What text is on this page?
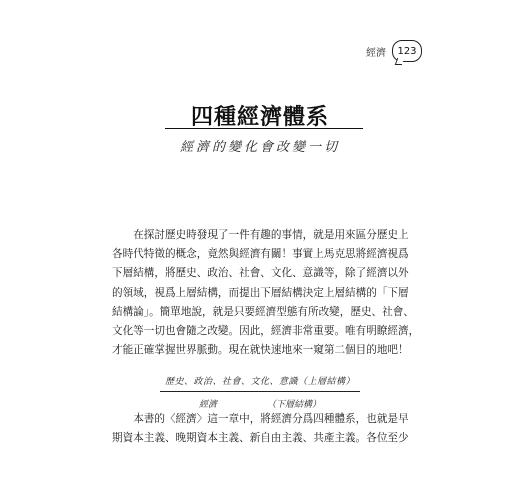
經濟	123
四種經濟體系
經濟的變化會改變一切
在探討歷史時發現了一件有趣的事情，就是用來區分歷史上
各時代特徵的概念，竟然與經濟有關！事實上馬克思將經濟視爲
下層結構，將歷史、政治、社會、文化、意識等，除了經濟以外
的領域，視爲上層結構，而提出下層結構決定上層結構的「下層
結構論」。簡單地說，就是只要經濟型態有所改變，歷史、社會、
文化等一切也會隨之改變。因此，經濟非常重要。唯有明瞭經濟，
才能正確掌握世界脈動。現在就快速地來一窺第二個目的地吧！
歷史、政治、社會、文化、意識（上層結構）
經濟	（下層結構）
本書的〈經濟〉這一章中，將經濟分爲四種體系，也就是早
期資本主義、晚期資本主義、新自由主義、共產主義。各位至少
